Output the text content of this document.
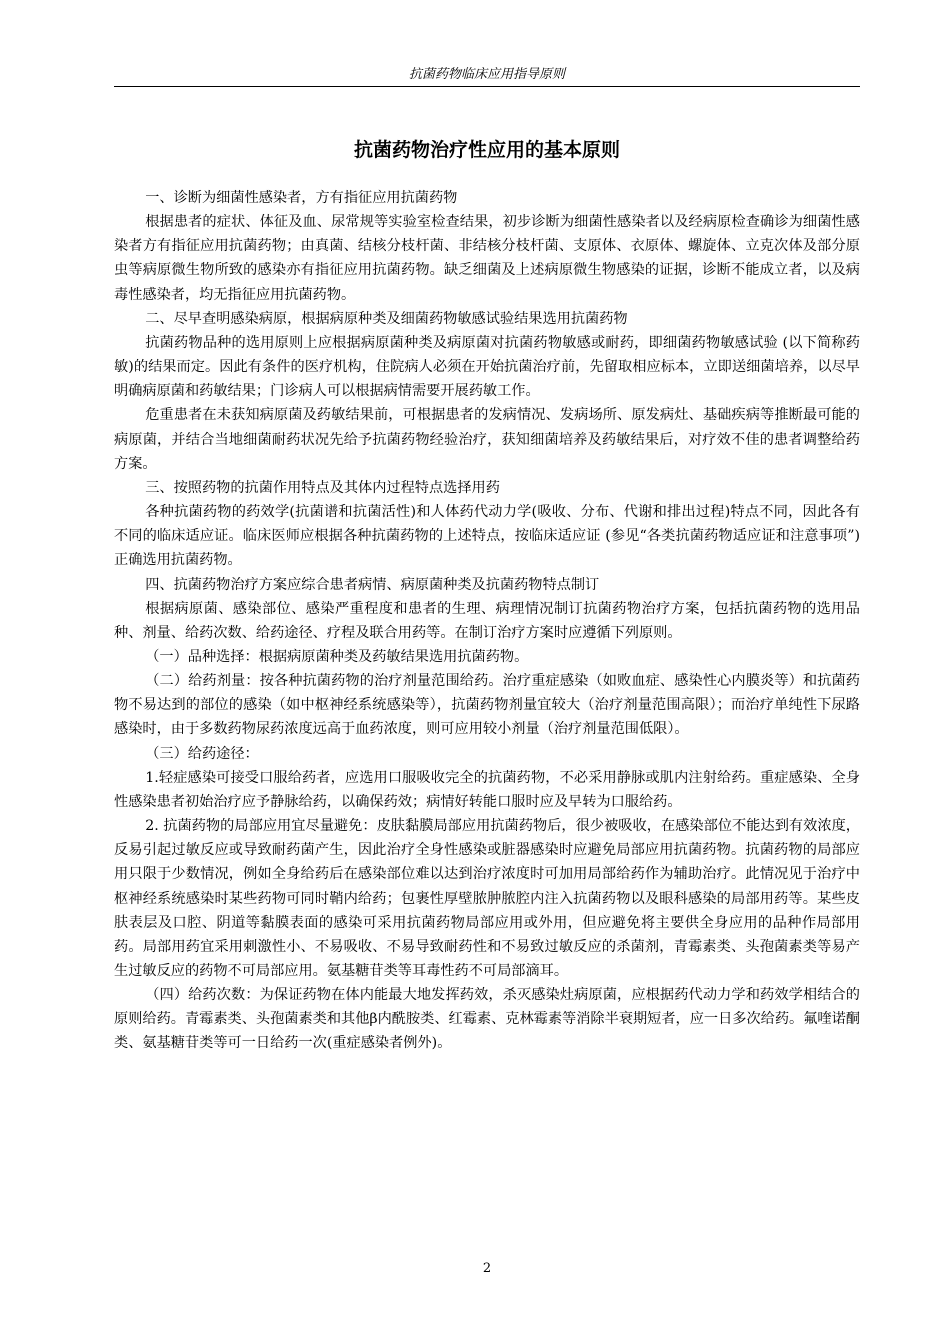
抗菌药物临床应用指导原则
抗菌药物治疗性应用的基本原则

一、诊断为细菌性感染者，方有指征应用抗菌药物

根据患者的症状、体征及血、尿常规等实验室检查结果，初步诊断为细菌性感染者以及经病原检查确诊为细菌性感染者方有指征应用抗菌药物；由真菌、结核分枝杆菌、非结核分枝杆菌、支原体、衣原体、螺旋体、立克次体及部分原虫等病原微生物所致的感染亦有指征应用抗菌药物。缺乏细菌及上述病原微生物感染的证据，诊断不能成立者，以及病毒性感染者，均无指征应用抗菌药物。

二、尽早查明感染病原，根据病原种类及细菌药物敏感试验结果选用抗菌药物

抗菌药物品种的选用原则上应根据病原菌种类及病原菌对抗菌药物敏感或耐药，即细菌药物敏感试验 (以下简称药敏)的结果而定。因此有条件的医疗机构，住院病人必须在开始抗菌治疗前，先留取相应标本，立即送细菌培养，以尽早明确病原菌和药敏结果；门诊病人可以根据病情需要开展药敏工作。

危重患者在未获知病原菌及药敏结果前，可根据患者的发病情况、发病场所、原发病灶、基础疾病等推断最可能的病原菌，并结合当地细菌耐药状况先给予抗菌药物经验治疗，获知细菌培养及药敏结果后，对疗效不佳的患者调整给药方案。

三、按照药物的抗菌作用特点及其体内过程特点选择用药

各种抗菌药物的药效学(抗菌谱和抗菌活性)和人体药代动力学(吸收、分布、代谢和排出过程)特点不同，因此各有不同的临床适应证。临床医师应根据各种抗菌药物的上述特点，按临床适应证 (参见“各类抗菌药物适应证和注意事项”)正确选用抗菌药物。

四、抗菌药物治疗方案应综合患者病情、病原菌种类及抗菌药物特点制订

根据病原菌、感染部位、感染严重程度和患者的生理、病理情况制订抗菌药物治疗方案，包括抗菌药物的选用品种、剂量、给药次数、给药途径、疗程及联合用药等。在制订治疗方案时应遵循下列原则。

（一）品种选择：根据病原菌种类及药敏结果选用抗菌药物。

（二）给药剂量：按各种抗菌药物的治疗剂量范围给药。治疗重症感染（如败血症、感染性心内膜炎等）和抗菌药物不易达到的部位的感染（如中枢神经系统感染等），抗菌药物剂量宜较大（治疗剂量范围高限）；而治疗单纯性下尿路感染时，由于多数药物尿药浓度远高于血药浓度，则可应用较小剂量（治疗剂量范围低限）。

（三）给药途径：

1.轻症感染可接受口服给药者，应选用口服吸收完全的抗菌药物，不必采用静脉或肌内注射给药。重症感染、全身性感染患者初始治疗应予静脉给药，以确保药效；病情好转能口服时应及早转为口服给药。

2. 抗菌药物的局部应用宜尽量避免：皮肤黏膜局部应用抗菌药物后，很少被吸收，在感染部位不能达到有效浓度，反易引起过敏反应或导致耐药菌产生，因此治疗全身性感染或脏器感染时应避免局部应用抗菌药物。抗菌药物的局部应用只限于少数情况，例如全身给药后在感染部位难以达到治疗浓度时可加用局部给药作为辅助治疗。此情况见于治疗中枢神经系统感染时某些药物可同时鞘内给药；包裹性厚壁脓肿脓腔内注入抗菌药物以及眼科感染的局部用药等。某些皮肤表层及口腔、阴道等黏膜表面的感染可采用抗菌药物局部应用或外用，但应避免将主要供全身应用的品种作局部用药。局部用药宜采用刺激性小、不易吸收、不易导致耐药性和不易致过敏反应的杀菌剂，青霉素类、头孢菌素类等易产生过敏反应的药物不可局部应用。氨基糖苷类等耳毒性药不可局部滴耳。

（四）给药次数：为保证药物在体内能最大地发挥药效，杀灭感染灶病原菌，应根据药代动力学和药效学相结合的原则给药。青霉素类、头孢菌素类和其他β内酰胺类、红霉素、克林霉素等消除半衰期短者，应一日多次给药。氟喹诺酮类、氨基糖苷类等可一日给药一次(重症感染者例外)。

2
